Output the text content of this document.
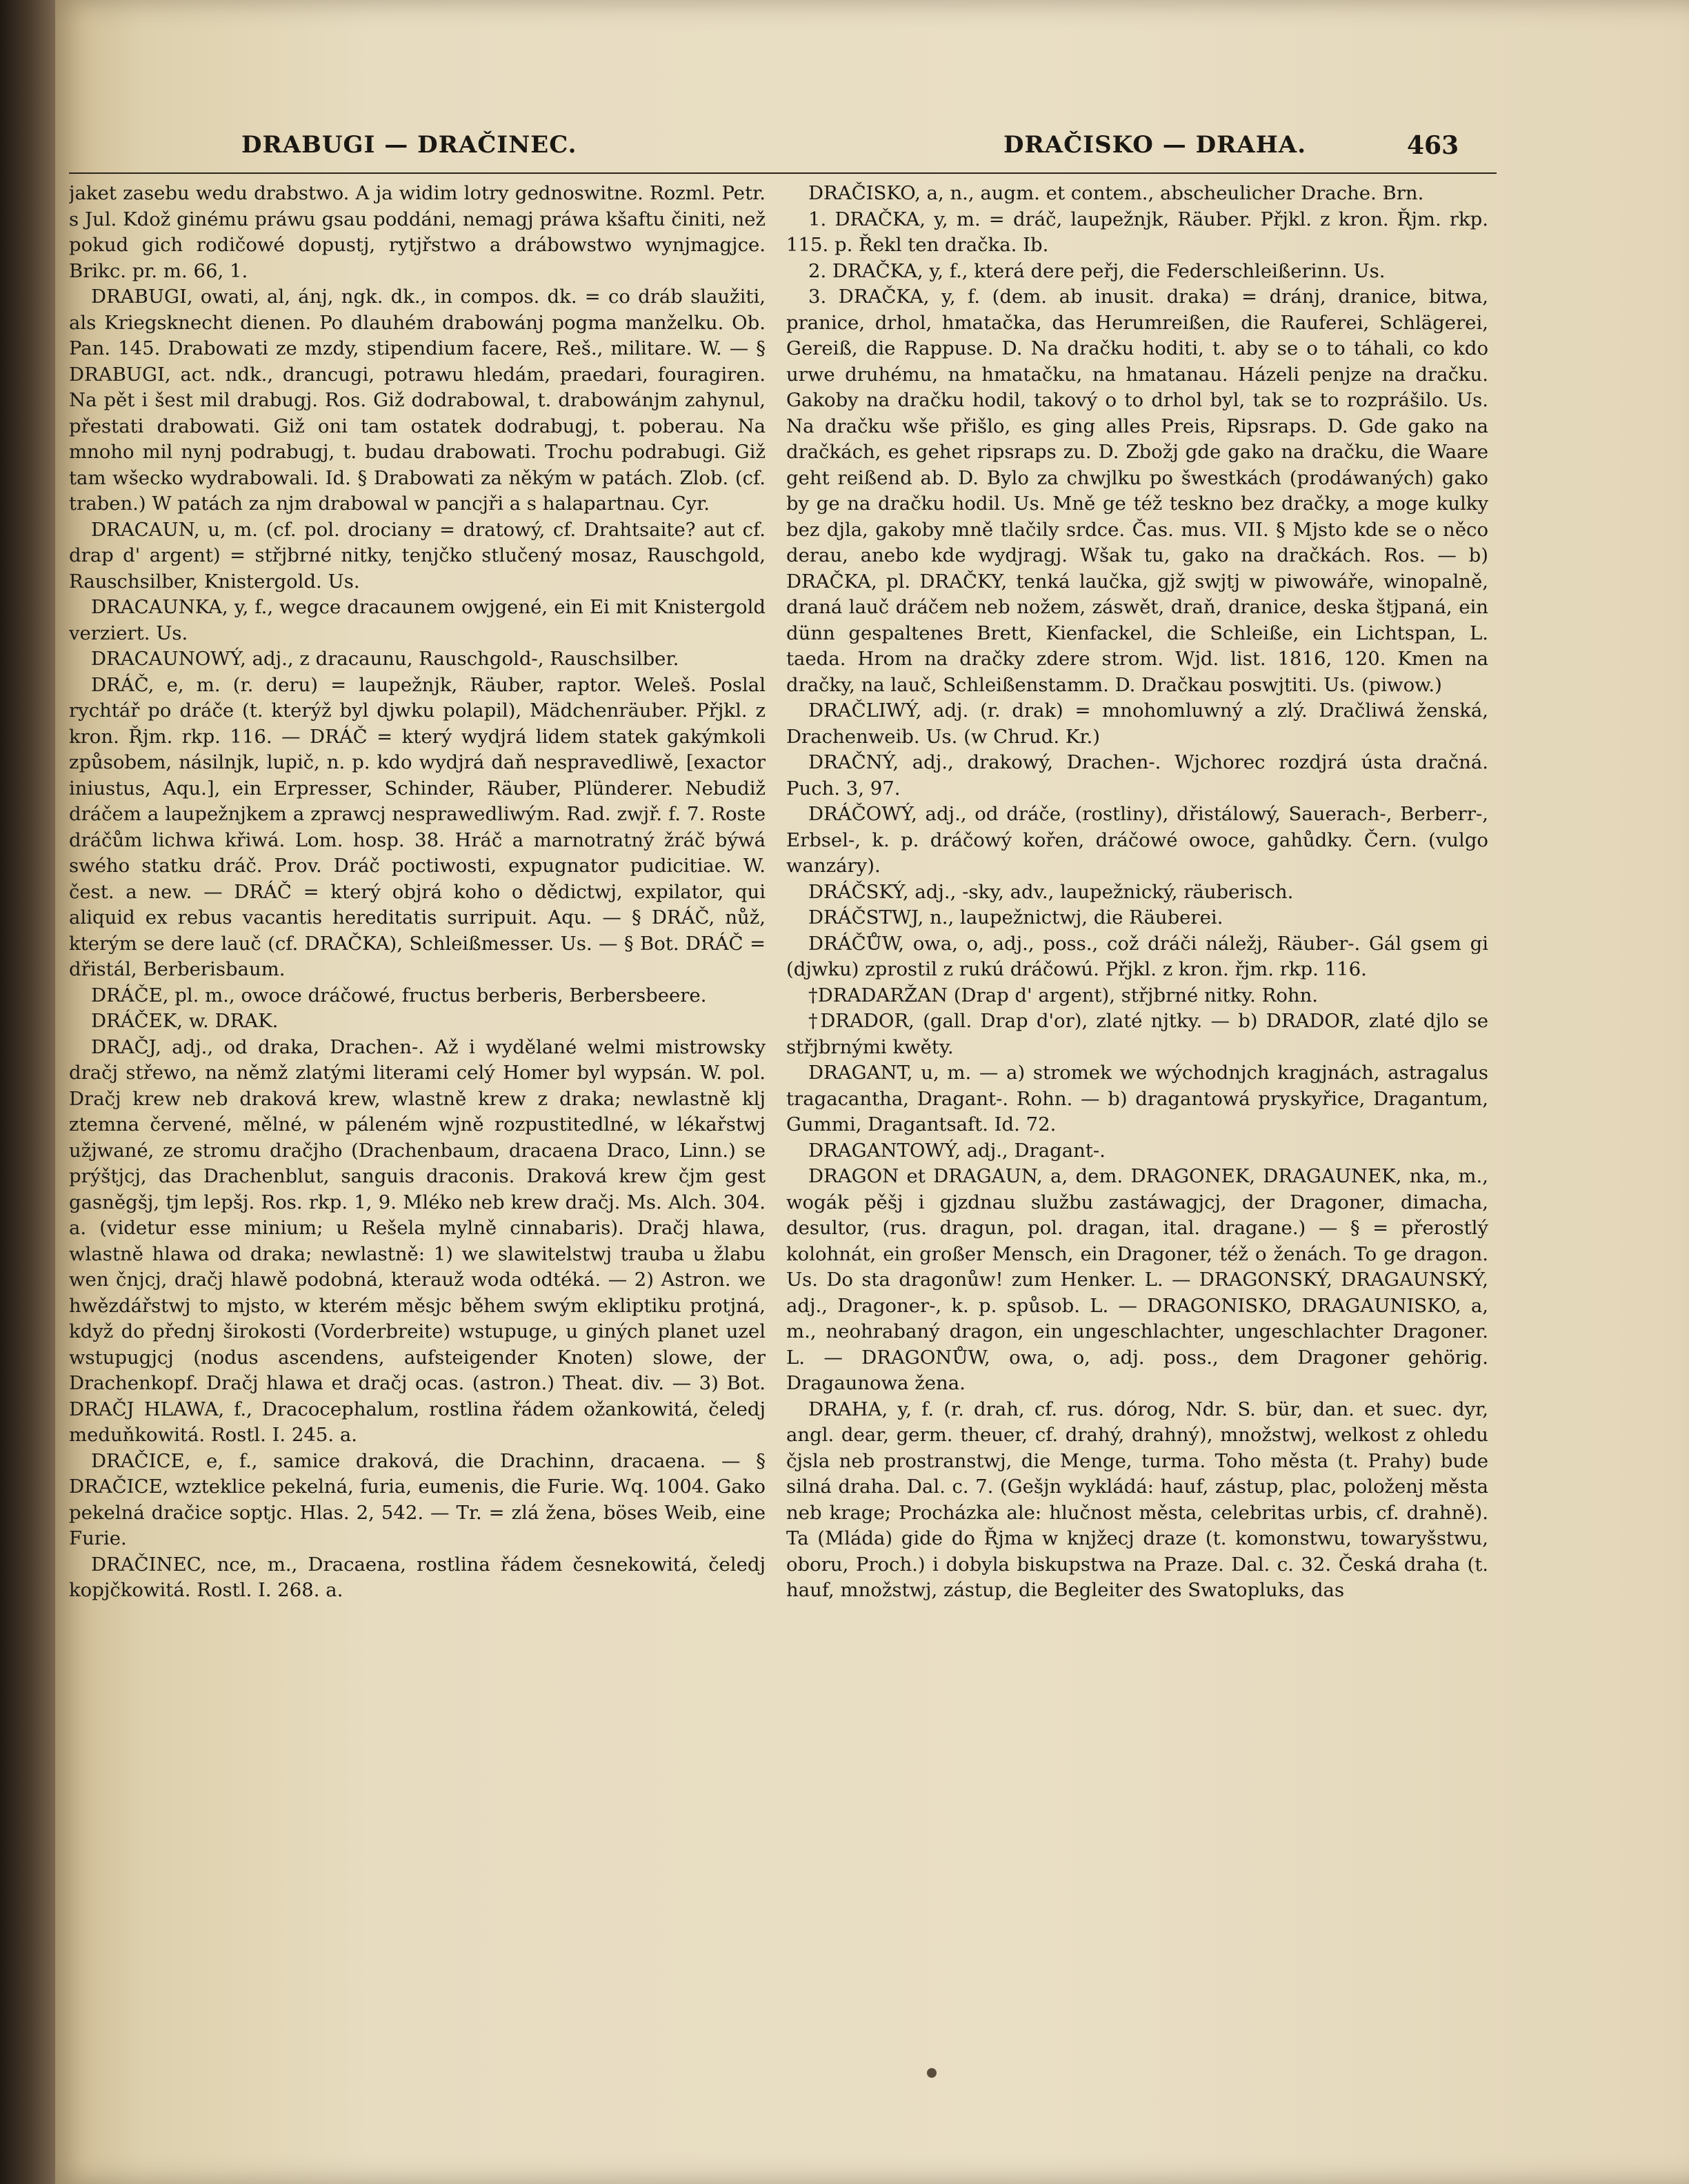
DRABUGI — DRAČINEC.	DRAČISKO — DRAHA.	463

jaket zasebu wedu drabstwo. A ja widim lotry gednoswitne. Rozml. Petr. s Jul. Kdož ginému práwu gsau poddáni, nemagj práwa kšaftu činiti, než pokud gich rodičowé dopustj, rytjřstwo a drábowstwo wynjmagjce. Brikc. pr. m. 66, 1.

DRABUGI, owati, al, ánj, ngk. dk., in compos. dk. = co dráb slaužiti, als Kriegsknecht dienen. Po dlauhém drabowánj pogma manželku. Ob. Pan. 145. Drabowati ze mzdy, stipendium facere, Reš., militare. W. — § DRABUGI, act. ndk., drancugi, potrawu hledám, praedari, fouragiren. Na pět i šest mil drabugj. Ros. Giž dodrabowal, t. drabowánjm zahynul, přestati drabowati. Giž oni tam ostatek dodrabugj, t. poberau. Na mnoho mil nynj podrabugj, t. budau drabowati. Trochu podrabugi. Giž tam wšecko wydrabowali. Id. § Drabowati za někým w patách. Zlob. (cf. traben.) W patách za njm drabowal w pancjři a s halapartnau. Cyr.

DRACAUN, u, m. (cf. pol. drociany = dratowý, cf. Drahtsaite? aut cf. drap d' argent) = střjbrné nitky, tenjčko stlučený mosaz, Rauschgold, Rauschsilber, Knistergold. Us.

DRACAUNKA, y, f., wegce dracaunem owjgené, ein Ei mit Knistergold verziert. Us.

DRACAUNOWÝ, adj., z dracaunu, Rauschgold-, Rauschsilber.

DRÁČ, e, m. (r. deru) = laupežnjk, Räuber, raptor. Weleš. Poslal rychtář po dráče (t. kterýž byl djwku polapil), Mädchenräuber. Přjkl. z kron. Řjm. rkp. 116. — DRÁČ = který wydjrá lidem statek gakýmkoli způsobem, násilnjk, lupič, n. p. kdo wydjrá daň nespravedliwě, [exactor iniustus, Aqu.], ein Erpresser, Schinder, Räuber, Plünderer. Nebudiž dráčem a laupežnjkem a zprawcj nesprawedliwým. Rad. zwjř. f. 7. Roste dráčům lichwa křiwá. Lom. hosp. 38. Hráč a marnotratný žráč býwá swého statku dráč. Prov. Dráč poctiwosti, expugnator pudicitiae. W. čest. a new. — DRÁČ = který objrá koho o dědictwj, expilator, qui aliquid ex rebus vacantis hereditatis surripuit. Aqu. — § DRÁČ, nůž, kterým se dere lauč (cf. DRAČKA), Schleißmesser. Us. — § Bot. DRÁČ = dřistál, Berberisbaum.

DRÁČE, pl. m., owoce dráčowé, fructus berberis, Berbersbeere.

DRÁČEK, w. DRAK.

DRAČJ, adj., od draka, Drachen-. Až i wydělané welmi mistrowsky dračj střewo, na němž zlatými literami celý Homer byl wypsán. W. pol. Dračj krew neb draková krew, wlastně krew z draka; newlastně klj ztemna červené, mělné, w páleném wjně rozpustitedlné, w lékařstwj užjwané, ze stromu dračjho (Drachenbaum, dracaena Draco, Linn.) se prýštjcj, das Drachenblut, sanguis draconis. Draková krew čjm gest gasněgšj, tjm lepšj. Ros. rkp. 1, 9. Mléko neb krew dračj. Ms. Alch. 304. a. (videtur esse minium; u Rešela mylně cinnabaris). Dračj hlawa, wlastně hlawa od draka; newlastně: 1) we slawitelstwj trauba u žlabu wen čnjcj, dračj hlawě podobná, kterauž woda odtéká. — 2) Astron. we hwězdářstwj to mjsto, w kterém měsjc během swým ekliptiku protjná, když do přednj širokosti (Vorderbreite) wstupuge, u giných planet uzel wstupugjcj (nodus ascendens, aufsteigender Knoten) slowe, der Drachenkopf. Dračj hlawa et dračj ocas. (astron.) Theat. div. — 3) Bot. DRAČJ HLAWA, f., Dracocephalum, rostlina řádem ožankowitá, čeledj meduňkowitá. Rostl. I. 245. a.

DRAČICE, e, f., samice draková, die Drachinn, dracaena. — § DRAČICE, wzteklice pekelná, furia, eumenis, die Furie. Wq. 1004. Gako pekelná dračice soptjc. Hlas. 2, 542. — Tr. = zlá žena, böses Weib, eine Furie.

DRAČINEC, nce, m., Dracaena, rostlina řádem česnekowitá, čeledj kopjčkowitá. Rostl. I. 268. a.

DRAČISKO, a, n., augm. et contem., abscheulicher Drache. Brn.

1. DRAČKA, y, m. = dráč, laupežnjk, Räuber. Přjkl. z kron. Řjm. rkp. 115. p. Řekl ten dračka. Ib.

2. DRAČKA, y, f., která dere peřj, die Federschleißerinn. Us.

3. DRAČKA, y, f. (dem. ab inusit. draka) = dránj, dranice, bitwa, pranice, drhol, hmatačka, das Herumreißen, die Rauferei, Schlägerei, Gereiß, die Rappuse. D. Na dračku hoditi, t. aby se o to táhali, co kdo urwe druhému, na hmatačku, na hmatanau. Házeli penjze na dračku. Gakoby na dračku hodil, takový o to drhol byl, tak se to rozprášilo. Us. Na dračku wše přišlo, es ging alles Preis, Ripsraps. D. Gde gako na dračkách, es gehet ripsraps zu. D. Zbožj gde gako na dračku, die Waare geht reißend ab. D. Bylo za chwjlku po šwestkách (prodáwaných) gako by ge na dračku hodil. Us. Mně ge též teskno bez dračky, a moge kulky bez djla, gakoby mně tlačily srdce. Čas. mus. VII. § Mjsto kde se o něco derau, anebo kde wydjragj. Wšak tu, gako na dračkách. Ros. — b) DRAČKA, pl. DRAČKY, tenká laučka, gjž swjtj w piwowáře, winopalně, draná lauč dráčem neb nožem, záswět, draň, dranice, deska štjpaná, ein dünn gespaltenes Brett, Kienfackel, die Schleiße, ein Lichtspan, L. taeda. Hrom na dračky zdere strom. Wjd. list. 1816, 120. Kmen na dračky, na lauč, Schleißenstamm. D. Dračkau poswjtiti. Us. (piwow.)

DRAČLIWÝ, adj. (r. drak) = mnohomluwný a zlý. Dračliwá ženská, Drachenweib. Us. (w Chrud. Kr.)

DRAČNÝ, adj., drakowý, Drachen-. Wjchorec rozdjrá ústa dračná. Puch. 3, 97.

DRÁČOWÝ, adj., od dráče, (rostliny), dřistálowý, Sauerach-, Berberr-, Erbsel-, k. p. dráčowý kořen, dráčowé owoce, gahůdky. Čern. (vulgo wanzáry).

DRÁČSKÝ, adj., -sky, adv., laupežnický, räuberisch.

DRÁČSTWJ, n., laupežnictwj, die Räuberei.

DRÁČŮW, owa, o, adj., poss., což dráči náležj, Räuber-. Gál gsem gi (djwku) zprostil z rukú dráčowú. Přjkl. z kron. řjm. rkp. 116.

†DRADARŽAN (Drap d' argent), střjbrné nitky. Rohn.

†DRADOR, (gall. Drap d'or), zlaté njtky. — b) DRADOR, zlaté djlo se střjbrnými kwěty.

DRAGANT, u, m. — a) stromek we wýchodnjch kragjnách, astragalus tragacantha, Dragant-. Rohn. — b) dragantowá pryskyřice, Dragantum, Gummi, Dragantsaft. Id. 72.

DRAGANTOWÝ, adj., Dragant-.

DRAGON et DRAGAUN, a, dem. DRAGONEK, DRAGAUNEK, nka, m., wogák pěšj i gjzdnau službu zastáwagjcj, der Dragoner, dimacha, desultor, (rus. dragun, pol. dragan, ital. dragane.) — § = přerostlý kolohnát, ein großer Mensch, ein Dragoner, též o ženách. To ge dragon. Us. Do sta dragonůw! zum Henker. L. — DRAGONSKÝ, DRAGAUNSKÝ, adj., Dragoner-, k. p. spůsob. L. — DRAGONISKO, DRAGAUNISKO, a, m., neohrabaný dragon, ein ungeschlachter, ungeschlachter Dragoner. L. — DRAGONŮW, owa, o, adj. poss., dem Dragoner gehörig. Dragaunowa žena.

DRAHA, y, f. (r. drah, cf. rus. dórog, Ndr. S. bür, dan. et suec. dyr, angl. dear, germ. theuer, cf. drahý, drahný), množstwj, welkost z ohledu čjsla neb prostranstwj, die Menge, turma. Toho města (t. Prahy) bude silná draha. Dal. c. 7. (Gešjn wykládá: hauf, zástup, plac, položenj města neb krage; Procházka ale: hlučnost města, celebritas urbis, cf. drahně). Ta (Mláda) gide do Řjma w knjžecj draze (t. komonstwu, towaryšstwu, oboru, Proch.) i dobyla biskupstwa na Praze. Dal. c. 32. Česká draha (t. hauf, množstwj, zástup, die Begleiter des Swatopluks, das
